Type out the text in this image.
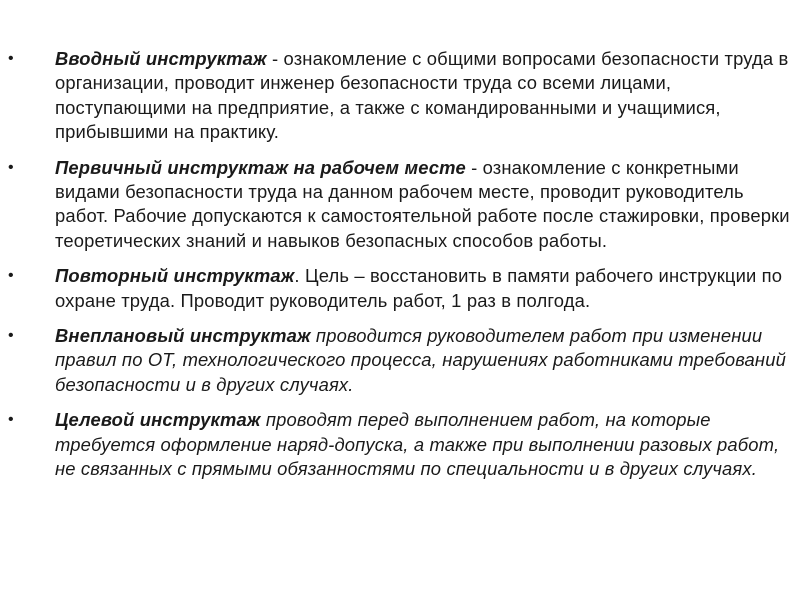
•	Вводный инструктаж - ознакомление с общими вопросами безопасности труда в организации, проводит инженер безопасности труда со всеми лицами, поступающими на предприятие, а также с командированными и учащимися, прибывшими на практику.
•	Первичный инструктаж на рабочем месте - ознакомление с конкретными видами безопасности труда на данном рабочем месте, проводит руководитель работ. Рабочие допускаются к самостоятельной работе после стажировки, проверки теоретических знаний и навыков безопасных способов работы.
•	Повторный инструктаж. Цель – восстановить в памяти рабочего инструкции по охране труда. Проводит руководитель работ, 1 раз в полгода.
•	Внеплановый инструктаж проводится руководителем работ при изменении правил по ОТ, технологического процесса, нарушениях работниками требований безопасности и в других случаях.
•	Целевой инструктаж проводят перед выполнением работ, на которые требуется оформление наряд-допуска, а также при выполнении разовых работ, не связанных с прямыми обязанностями по специальности и в других случаях.
